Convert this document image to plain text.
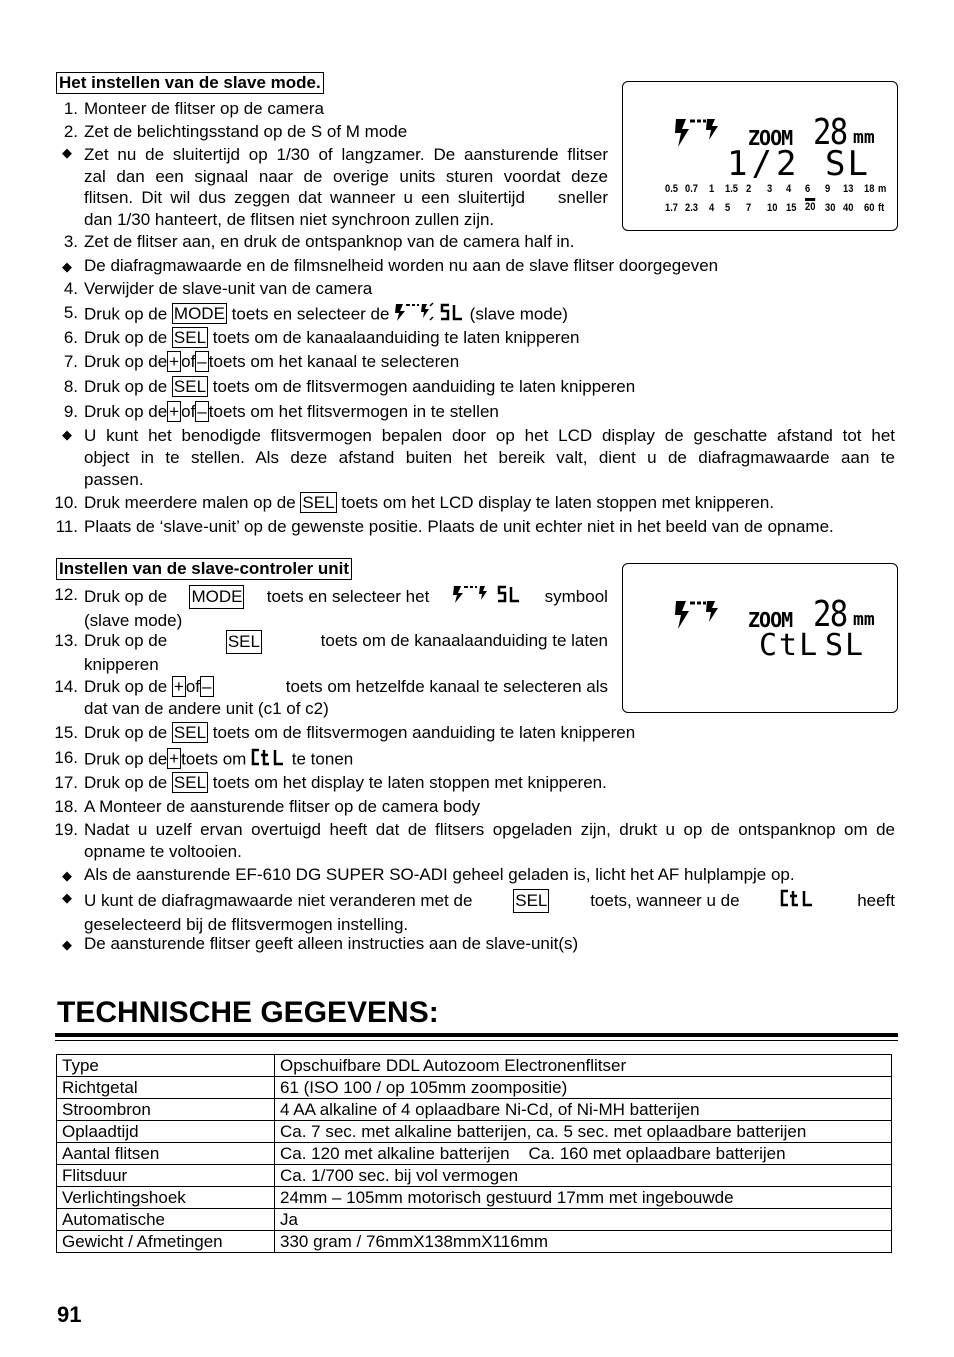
Het instellen van de slave mode.
1. Monteer de flitser op de camera
2. Zet de belichtingsstand op de S of M mode
◆ Zet nu de sluitertijd op 1/30 of langzamer. De aansturende flitser
zal dan een signaal naar de overige units sturen voordat deze
flitsen. Dit wil dus zeggen dat wanneer u een sluitertijd    sneller
dan 1/30 hanteert, de flitsen niet synchroon zullen zijn.
3. Zet de flitser aan, en druk de ontspanknop van de camera half in.
◆ De diafragmawaarde en de filmsnelheid worden nu aan de slave flitser doorgegeven
4. Verwijder de slave-unit van de camera
5. Druk op de MODE toets en selecteer de	(slave mode)
6. Druk op de SEL toets om de kanaalaanduiding te laten knipperen
7. Druk op de + of – toets om het kanaal te selecteren
8. Druk op de SEL toets om de flitsvermogen aanduiding te laten knipperen
9. Druk op de + of – toets om het flitsvermogen in te stellen
◆ U kunt het benodigde flitsvermogen bepalen door op het LCD display de geschatte afstand tot het
object in te stellen. Als deze afstand buiten het bereik valt, dient u de diafragmawaarde aan te
passen.
10. Druk meerdere malen op de SEL toets om het LCD display te laten stoppen met knipperen.
11. Plaats de ‘slave-unit’ op de gewenste positie. Plaats de unit echter niet in het beeld van de opname.
ZOOM 28 mm
1/2 SL
0.5 0.7 1 1.5 2 3 4 6 9 13 18 m
1.7 2.3 4 5 7 10 15 20 30 40 60 ft
Instellen van de slave-controler unit
12. Druk op de MODE toets en selecteer het
	symbool
(slave mode)
13. Druk op de	SEL	toets om de kanaalaanduiding te laten
knipperen
14. Druk op de + of –	toets om hetzelfde kanaal te selecteren als
dat van de andere unit (c1 of c2)
15. Druk op de SEL toets om de flitsvermogen aanduiding te laten knipperen
16. Druk op de + toets om	te tonen
17. Druk op de SEL toets om het display te laten stoppen met knipperen.
18. A Monteer de aansturende flitser op de camera body
19. Nadat u uzelf ervan overtuigd heeft dat de flitsers opgeladen zijn, drukt u op de ontspanknop om de
opname te voltooien.
◆ Als de aansturende EF-610 DG SUPER SO-ADI geheel geladen is, licht het AF hulplampje op.
◆ U kunt de diafragmawaarde niet veranderen met de	SEL	toets, wanneer u de	heeft
geselecteerd bij de flitsvermogen instelling.
◆ De aansturende flitser geeft alleen instructies aan de slave-unit(s)
ZOOM 28 mm
CtL SL
TECHNISCHE GEGEVENS:
Type	Opschuifbare DDL Autozoom Electronenflitser
Richtgetal	61 (ISO 100 / op 105mm zoompositie)
Stroombron	4 AA alkaline of 4 oplaadbare Ni-Cd, of Ni-MH batterijen
Oplaadtijd	Ca. 7 sec. met alkaline batterijen, ca. 5 sec. met oplaadbare batterijen
Aantal flitsen	Ca. 120 met alkaline batterijen    Ca. 160 met oplaadbare batterijen
Flitsduur	Ca. 1/700 sec. bij vol vermogen
Verlichtingshoek	24mm – 105mm motorisch gestuurd 17mm met ingebouwde
Automatische	Ja
Gewicht / Afmetingen	330 gram / 76mmX138mmX116mm
91
